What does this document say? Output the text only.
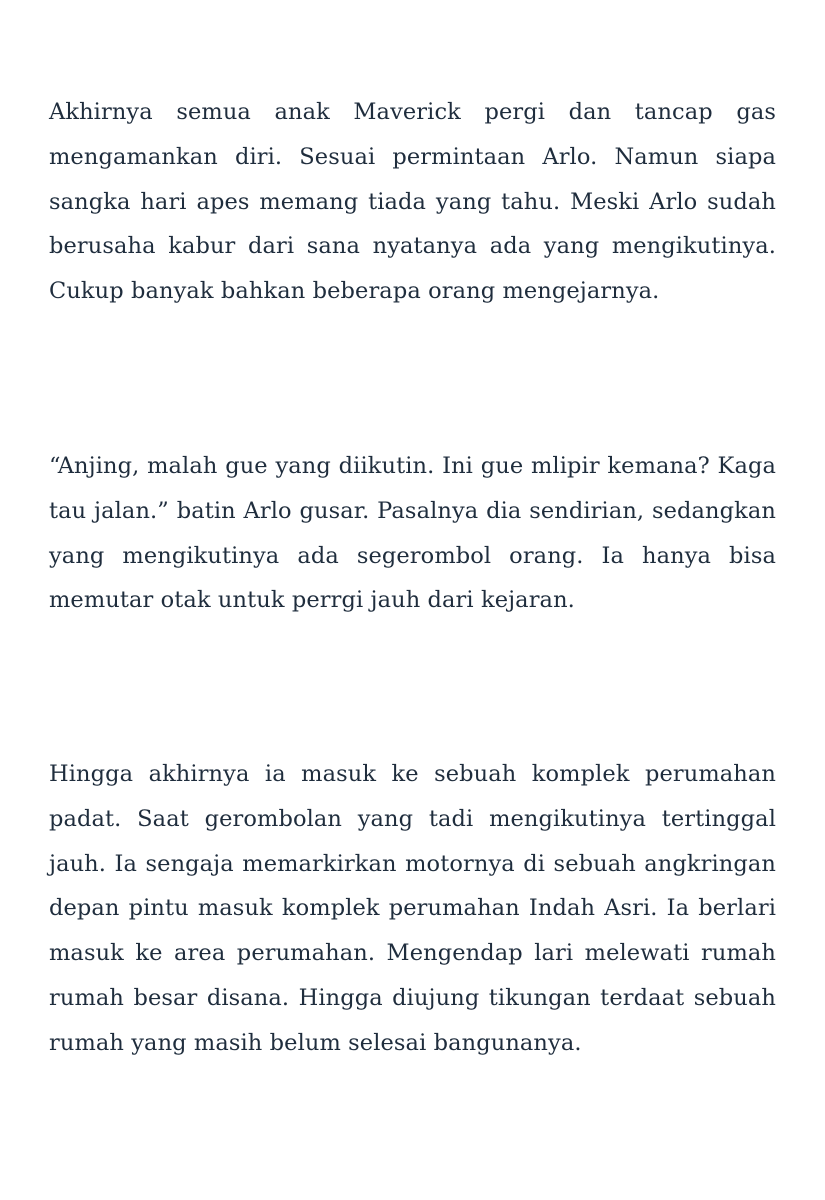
Akhirnya semua anak Maverick pergi dan tancap gas mengamankan diri. Sesuai permintaan Arlo. Namun siapa sangka hari apes memang tiada yang tahu. Meski Arlo sudah berusaha kabur dari sana nyatanya ada yang mengikutinya. Cukup banyak bahkan beberapa orang mengejarnya.

“Anjing, malah gue yang diikutin. Ini gue mlipir kemana? Kaga tau jalan.” batin Arlo gusar. Pasalnya dia sendirian, sedangkan yang mengikutinya ada segerombol orang. Ia hanya bisa memutar otak untuk perrgi jauh dari kejaran.

Hingga akhirnya ia masuk ke sebuah komplek perumahan padat. Saat gerombolan yang tadi mengikutinya tertinggal jauh. Ia sengaja memarkirkan motornya di sebuah angkringan depan pintu masuk komplek perumahan Indah Asri. Ia berlari masuk ke area perumahan. Mengendap lari melewati rumah rumah besar disana. Hingga diujung tikungan terdaat sebuah rumah yang masih belum selesai bangunanya.
